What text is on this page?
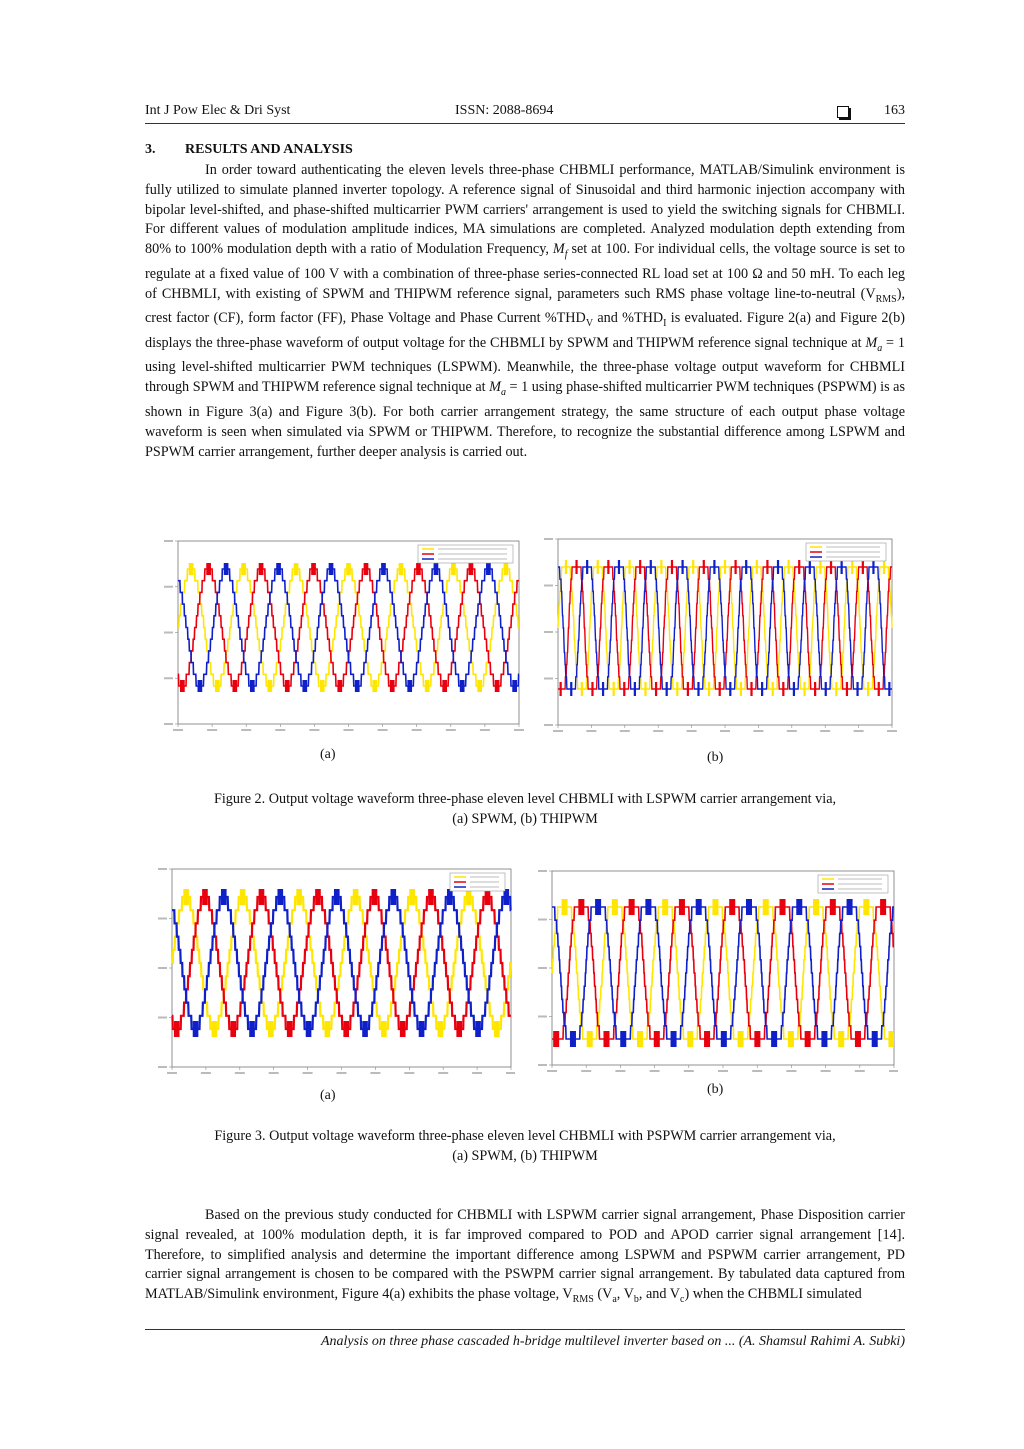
Int J Pow Elec & Dri Syst	ISSN: 2088-8694	163
3. RESULTS AND ANALYSIS
In order toward authenticating the eleven levels three-phase CHBMLI performance, MATLAB/Simulink environment is fully utilized to simulate planned inverter topology. A reference signal of Sinusoidal and third harmonic injection accompany with bipolar level-shifted, and phase-shifted multicarrier PWM carriers' arrangement is used to yield the switching signals for CHBMLI. For different values of modulation amplitude indices, MA simulations are completed. Analyzed modulation depth extending from 80% to 100% modulation depth with a ratio of Modulation Frequency, $M_f$ set at 100. For individual cells, the voltage source is set to regulate at a fixed value of 100 V with a combination of three-phase series-connected RL load set at 100 Ω and 50 mH. To each leg of CHBMLI, with existing of SPWM and THIPWM reference signal, parameters such RMS phase voltage line-to-neutral $(V_{RMS})$, crest factor (CF), form factor (FF), Phase Voltage and Phase Current $\%THD_V$ and $\%THD_I$ is evaluated. Figure 2(a) and Figure 2(b) displays the three-phase waveform of output voltage for the CHBMLI by SPWM and THIPWM reference signal technique at $M_a = 1$ using level-shifted multicarrier PWM techniques (LSPWM). Meanwhile, the three-phase voltage output waveform for CHBMLI through SPWM and THIPWM reference signal technique at $M_a = 1$ using phase-shifted multicarrier PWM techniques (PSPWM) is as shown in Figure 3(a) and Figure 3(b). For both carrier arrangement strategy, the same structure of each output phase voltage waveform is seen when simulated via SPWM or THIPWM. Therefore, to recognize the substantial difference among LSPWM and PSPWM carrier arrangement, further deeper analysis is carried out.
(a)	(b)
Figure 2. Output voltage waveform three-phase eleven level CHBMLI with LSPWM carrier arrangement via,
(a) SPWM, (b) THIPWM
(a)	(b)
Figure 3. Output voltage waveform three-phase eleven level CHBMLI with PSPWM carrier arrangement via,
(a) SPWM, (b) THIPWM
Based on the previous study conducted for CHBMLI with LSPWM carrier signal arrangement, Phase Disposition carrier signal revealed, at 100% modulation depth, it is far improved compared to POD and APOD carrier signal arrangement [14]. Therefore, to simplified analysis and determine the important difference among LSPWM and PSPWM carrier arrangement, PD carrier signal arrangement is chosen to be compared with the PSWPM carrier signal arrangement. By tabulated data captured from MATLAB/Simulink environment, Figure 4(a) exhibits the phase voltage, $V_{RMS}$ ($V_a$, $V_b$, and $V_c$) when the CHBMLI simulated
Analysis on three phase cascaded h-bridge multilevel inverter based on ... (A. Shamsul Rahimi A. Subki)
